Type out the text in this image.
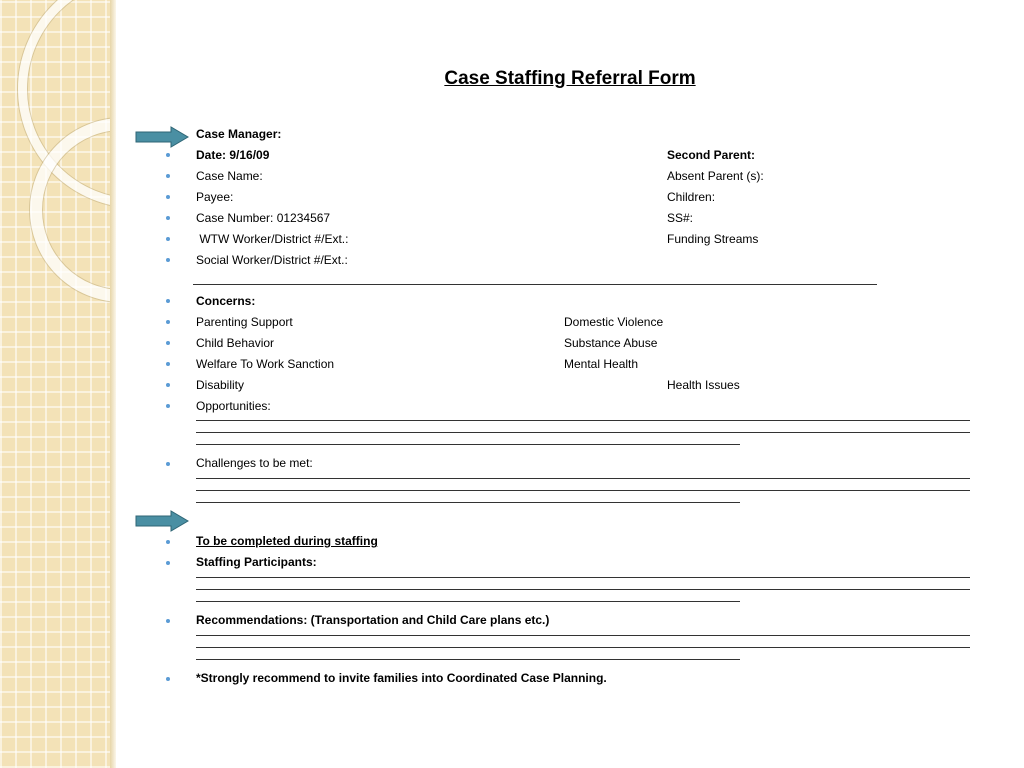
Case Staffing Referral Form
Case Manager:
Date: 9/16/09	Second Parent:
Case Name:	Absent Parent (s):
Payee:	Children:
Case Number: 01234567	SS#:
WTW Worker/District #/Ext.:	Funding Streams
Social Worker/District #/Ext.:
Concerns:
Parenting Support	Domestic Violence
Child Behavior	Substance Abuse
Welfare To Work Sanction	Mental Health
Disability	Health Issues
Opportunities:
Challenges to be met:
To be completed during staffing
Staffing Participants:
Recommendations: (Transportation and Child Care plans etc.)
*Strongly recommend to invite families into Coordinated Case Planning.
